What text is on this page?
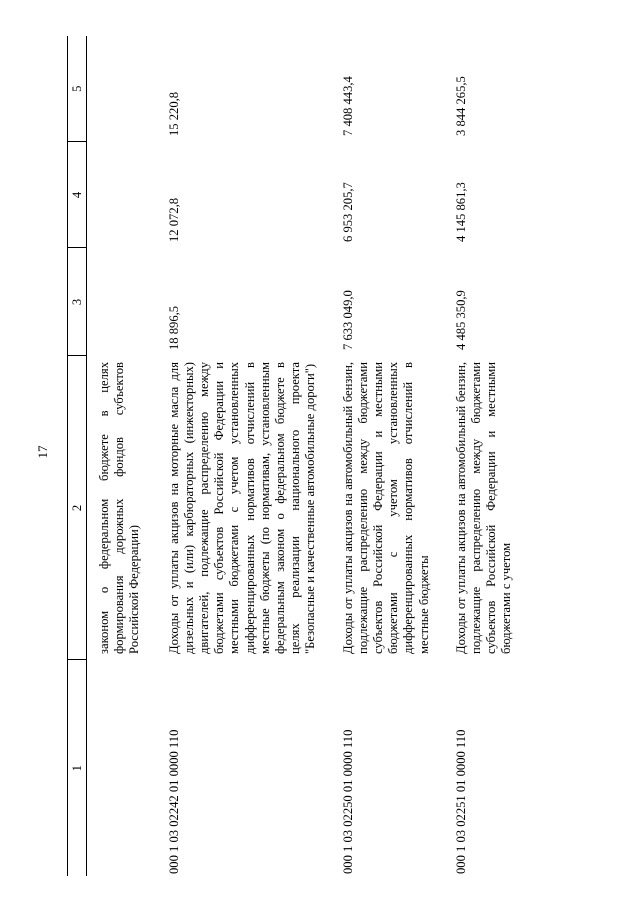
17
1	2	3	4	5
	законом о федеральном бюджете в целях формирования дорожных фондов субъектов Российской Федерации)			
000 1 03 02242 01 0000 110	Доходы от уплаты акцизов на моторные масла для дизельных и (или) карбюраторных (инжекторных) двигателей, подлежащие распределению между бюджетами субъектов Российской Федерации и местными бюджетами с учетом установленных дифференцированных нормативов отчислений в местные бюджеты (по нормативам, установленным федеральным законом о федеральном бюджете в целях реализации национального проекта "Безопасные и качественные автомобильные дороги")	18 896,5	12 072,8	15 220,8
000 1 03 02250 01 0000 110	Доходы от уплаты акцизов на автомобильный бензин, подлежащие распределению между бюджетами субъектов Российской Федерации и местными бюджетами с учетом установленных дифференцированных нормативов отчислений в местные бюджеты	7 633 049,0	6 953 205,7	7 408 443,4
000 1 03 02251 01 0000 110	Доходы от уплаты акцизов на автомобильный бензин, подлежащие распределению между бюджетами субъектов Российской Федерации и местными бюджетами с учетом	4 485 350,9	4 145 861,3	3 844 265,5
